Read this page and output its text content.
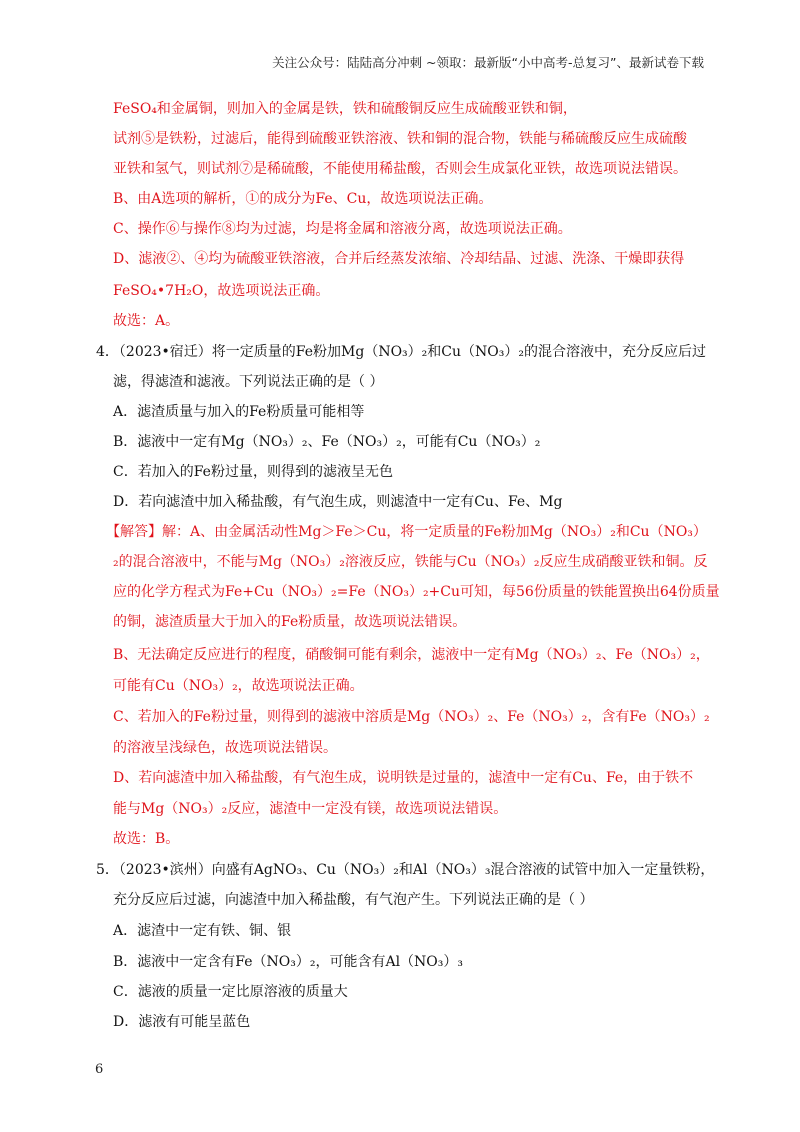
关注公众号：陆陆高分冲刺 ~领取：最新版“小中高考-总复习”、最新试卷下载
FeSO₄和金属铜，则加入的金属是铁，铁和硫酸铜反应生成硫酸亚铁和铜，
试剂⑤是铁粉，过滤后，能得到硫酸亚铁溶液、铁和铜的混合物，铁能与稀硫酸反应生成硫酸
亚铁和氢气，则试剂⑦是稀硫酸，不能使用稀盐酸，否则会生成氯化亚铁，故选项说法错误。
B、由A选项的解析，①的成分为Fe、Cu，故选项说法正确。
C、操作⑥与操作⑧均为过滤，均是将金属和溶液分离，故选项说法正确。
D、滤液②、④均为硫酸亚铁溶液，合并后经蒸发浓缩、冷却结晶、过滤、洗涤、干燥即获得
FeSO₄•7H₂O，故选项说法正确。
故选：A。
4．（2023•宿迁）将一定质量的Fe粉加Mg（NO₃）₂和Cu（NO₃）₂的混合溶液中，充分反应后过
滤，得滤渣和滤液。下列说法正确的是（ ）
A．滤渣质量与加入的Fe粉质量可能相等
B．滤液中一定有Mg（NO₃）₂、Fe（NO₃）₂，可能有Cu（NO₃）₂
C．若加入的Fe粉过量，则得到的滤液呈无色
D．若向滤渣中加入稀盐酸，有气泡生成，则滤渣中一定有Cu、Fe、Mg
【解答】解：A、由金属活动性Mg＞Fe＞Cu，将一定质量的Fe粉加Mg（NO₃）₂和Cu（NO₃）
₂的混合溶液中，不能与Mg（NO₃）₂溶液反应，铁能与Cu（NO₃）₂反应生成硝酸亚铁和铜。反
应的化学方程式为Fe+Cu（NO₃）₂=Fe（NO₃）₂+Cu可知，每56份质量的铁能置换出64份质量
的铜，滤渣质量大于加入的Fe粉质量，故选项说法错误。
B、无法确定反应进行的程度，硝酸铜可能有剩余，滤液中一定有Mg（NO₃）₂、Fe（NO₃）₂，
可能有Cu（NO₃）₂，故选项说法正确。
C、若加入的Fe粉过量，则得到的滤液中溶质是Mg（NO₃）₂、Fe（NO₃）₂，含有Fe（NO₃）₂
的溶液呈浅绿色，故选项说法错误。
D、若向滤渣中加入稀盐酸，有气泡生成，说明铁是过量的，滤渣中一定有Cu、Fe，由于铁不
能与Mg（NO₃）₂反应，滤渣中一定没有镁，故选项说法错误。
故选：B。
5．（2023•滨州）向盛有AgNO₃、Cu（NO₃）₂和Al（NO₃）₃混合溶液的试管中加入一定量铁粉，
充分反应后过滤，向滤渣中加入稀盐酸，有气泡产生。下列说法正确的是（ ）
A．滤渣中一定有铁、铜、银
B．滤液中一定含有Fe（NO₃）₂，可能含有Al（NO₃）₃
C．滤液的质量一定比原溶液的质量大
D．滤液有可能呈蓝色
6
